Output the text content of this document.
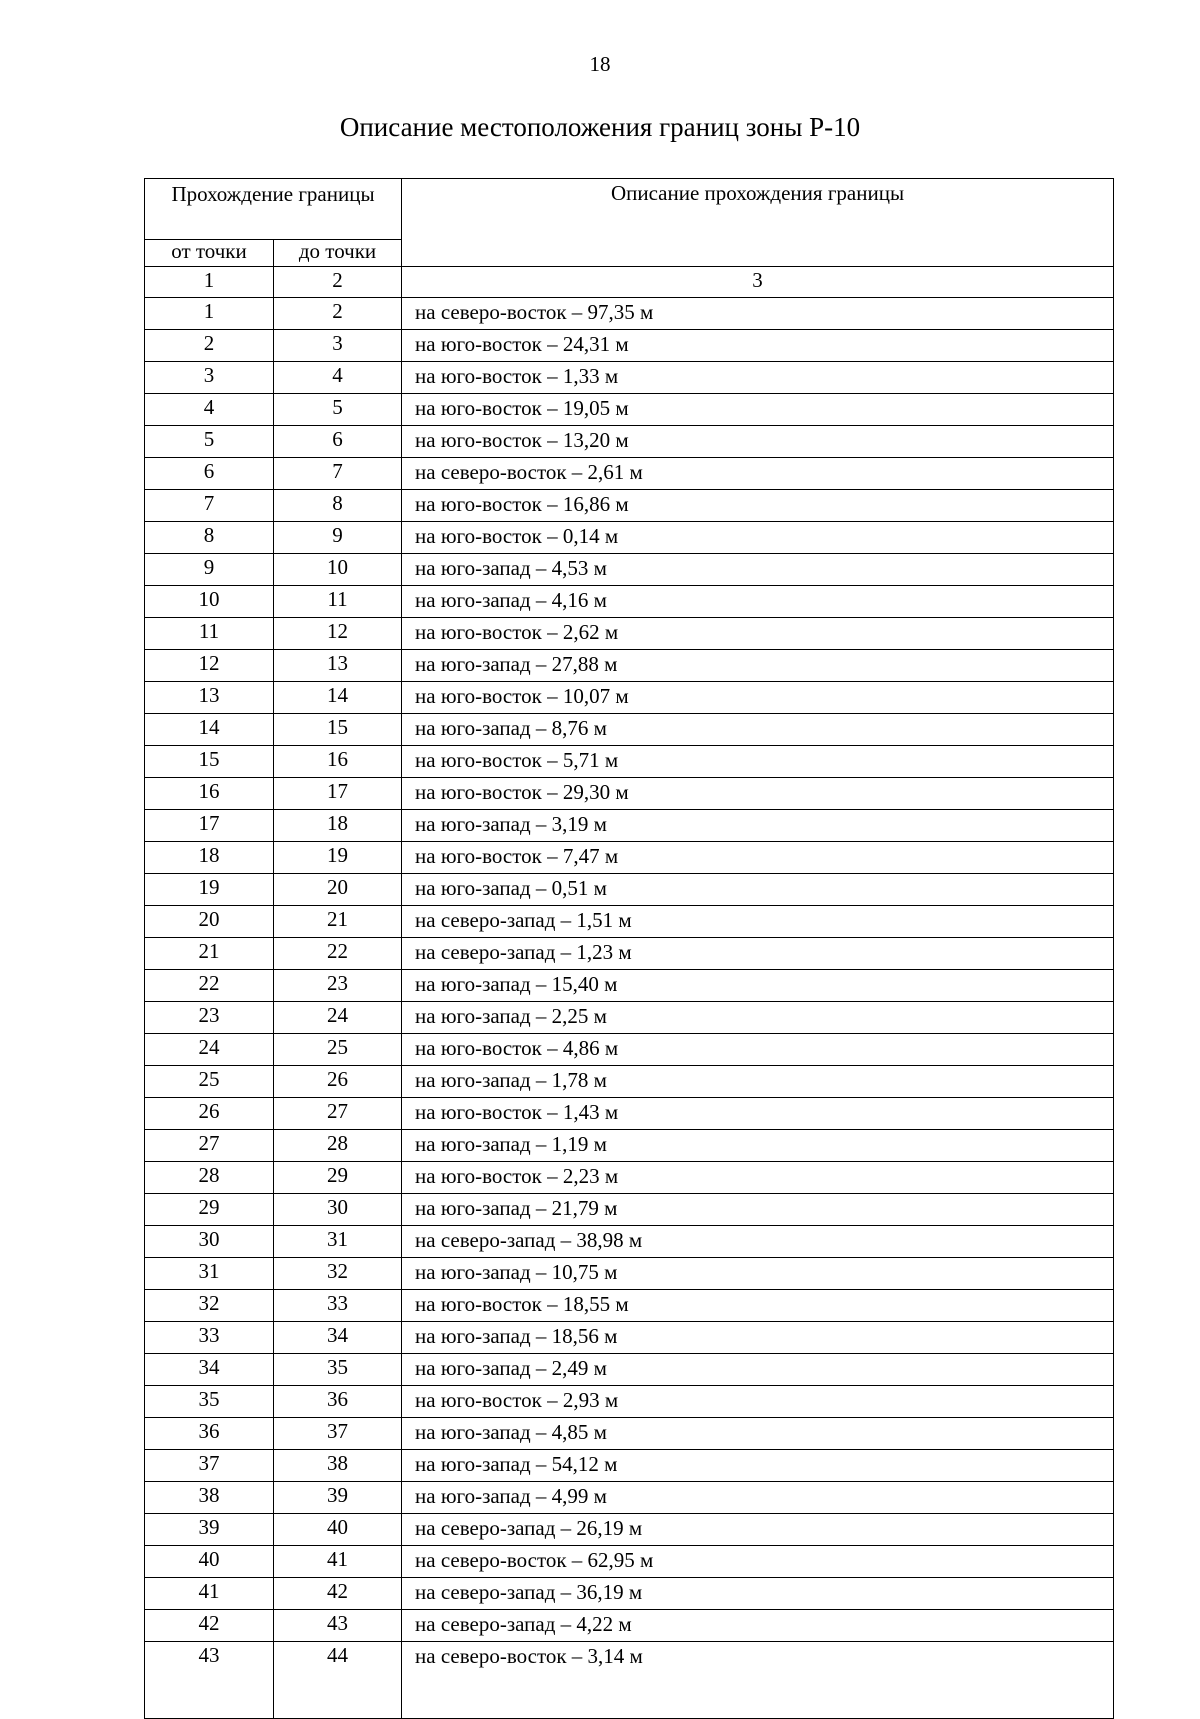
18
Описание местоположения границ зоны Р-10
Прохождение границы		Описание прохождения границы
от точки	до точки	
1	2	3
1	2	на северо-восток – 97,35 м
2	3	на юго-восток – 24,31 м
3	4	на юго-восток – 1,33 м
4	5	на юго-восток – 19,05 м
5	6	на юго-восток – 13,20 м
6	7	на северо-восток – 2,61 м
7	8	на юго-восток – 16,86 м
8	9	на юго-восток – 0,14 м
9	10	на юго-запад – 4,53 м
10	11	на юго-запад – 4,16 м
11	12	на юго-восток – 2,62 м
12	13	на юго-запад – 27,88 м
13	14	на юго-восток – 10,07 м
14	15	на юго-запад – 8,76 м
15	16	на юго-восток – 5,71 м
16	17	на юго-восток – 29,30 м
17	18	на юго-запад – 3,19 м
18	19	на юго-восток – 7,47 м
19	20	на юго-запад – 0,51 м
20	21	на северо-запад – 1,51 м
21	22	на северо-запад – 1,23 м
22	23	на юго-запад – 15,40 м
23	24	на юго-запад – 2,25 м
24	25	на юго-восток – 4,86 м
25	26	на юго-запад – 1,78 м
26	27	на юго-восток – 1,43 м
27	28	на юго-запад – 1,19 м
28	29	на юго-восток – 2,23 м
29	30	на юго-запад – 21,79 м
30	31	на северо-запад – 38,98 м
31	32	на юго-запад – 10,75 м
32	33	на юго-восток – 18,55 м
33	34	на юго-запад – 18,56 м
34	35	на юго-запад – 2,49 м
35	36	на юго-восток – 2,93 м
36	37	на юго-запад – 4,85 м
37	38	на юго-запад – 54,12 м
38	39	на юго-запад – 4,99 м
39	40	на северо-запад – 26,19 м
40	41	на северо-восток – 62,95 м
41	42	на северо-запад – 36,19 м
42	43	на северо-запад – 4,22 м
43	44	на северо-восток – 3,14 м
